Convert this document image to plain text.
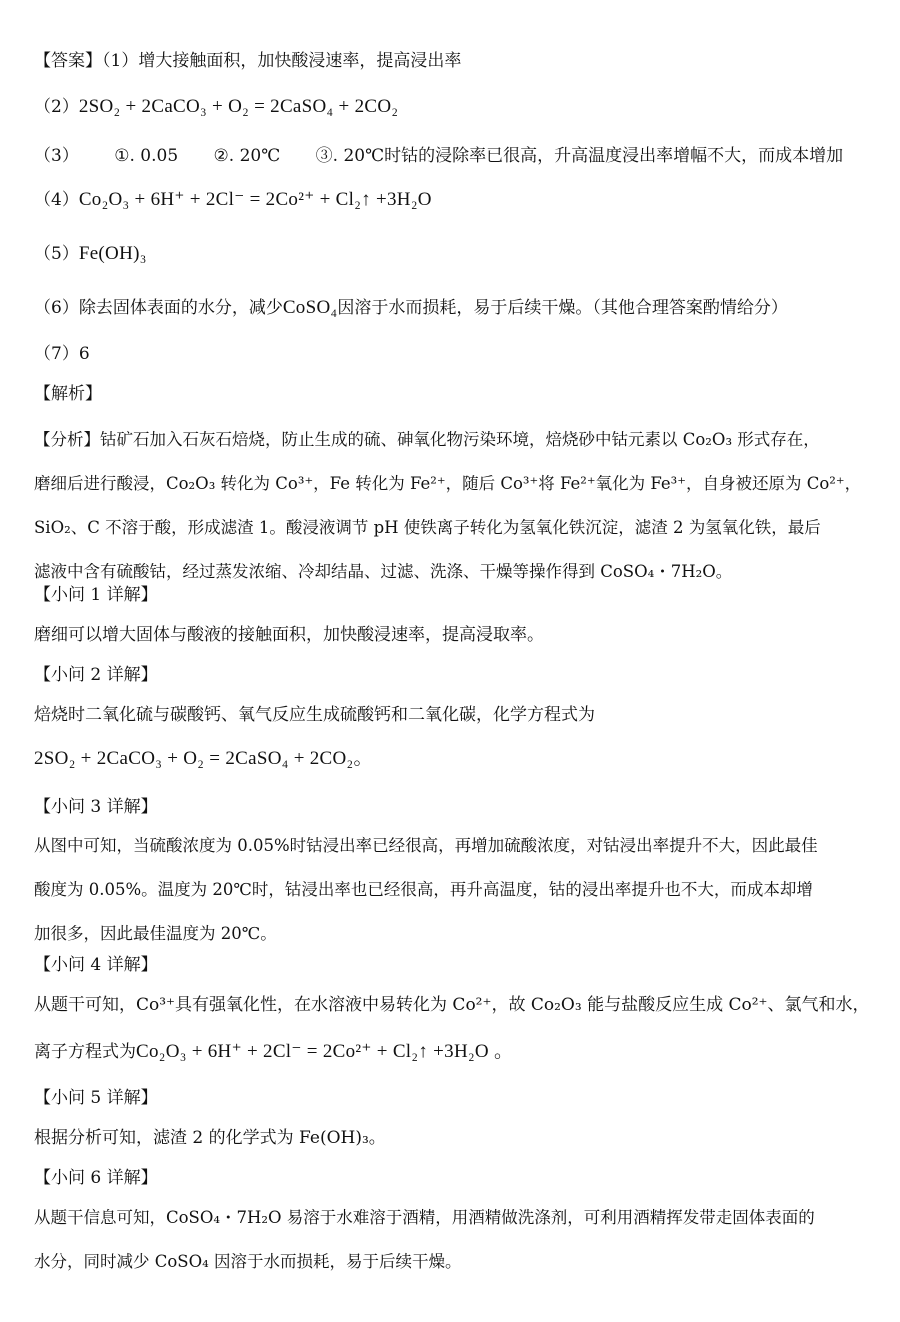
【答案】（1）增大接触面积，加快酸浸速率，提高浸出率
（2）2SO₂ + 2CaCO₃ + O₂ = 2CaSO₄ + 2CO₂
（3） ①. 0.05 ②. 20℃ ③. 20℃时钴的浸除率已很高，升高温度浸出率增幅不大，而成本增加
（4）Co₂O₃ + 6H⁺ + 2Cl⁻ = 2Co²⁺ + Cl₂↑ +3H₂O
（5）Fe(OH)₃
（6）除去固体表面的水分，减少CoSO₄因溶于水而损耗，易于后续干燥。（其他合理答案酌情给分）
（7）6
【解析】
【分析】钴矿石加入石灰石焙烧，防止生成的硫、砷氧化物污染环境，焙烧砂中钴元素以 Co₂O₃ 形式存在，
磨细后进行酸浸，Co₂O₃ 转化为 Co³⁺，Fe 转化为 Fe²⁺，随后 Co³⁺将 Fe²⁺氧化为 Fe³⁺，自身被还原为 Co²⁺，
SiO₂、C 不溶于酸，形成滤渣 1。酸浸液调节 pH 使铁离子转化为氢氧化铁沉淀，滤渣 2 为氢氧化铁，最后
滤液中含有硫酸钴，经过蒸发浓缩、冷却结晶、过滤、洗涤、干燥等操作得到 CoSO₄・7H₂O。
【小问 1 详解】
磨细可以增大固体与酸液的接触面积，加快酸浸速率，提高浸取率。
【小问 2 详解】
焙烧时二氧化硫与碳酸钙、氧气反应生成硫酸钙和二氧化碳，化学方程式为
2SO₂ + 2CaCO₃ + O₂ = 2CaSO₄ + 2CO₂。
【小问 3 详解】
从图中可知，当硫酸浓度为 0.05%时钴浸出率已经很高，再增加硫酸浓度，对钴浸出率提升不大，因此最佳
酸度为 0.05%。温度为 20℃时，钴浸出率也已经很高，再升高温度，钴的浸出率提升也不大，而成本却增
加很多，因此最佳温度为 20℃。
【小问 4 详解】
从题干可知，Co³⁺具有强氧化性，在水溶液中易转化为 Co²⁺，故 Co₂O₃ 能与盐酸反应生成 Co²⁺、氯气和水，
离子方程式为Co₂O₃ + 6H⁺ + 2Cl⁻ = 2Co²⁺ + Cl₂↑ +3H₂O 。
【小问 5 详解】
根据分析可知，滤渣 2 的化学式为 Fe(OH)₃。
【小问 6 详解】
从题干信息可知，CoSO₄・7H₂O 易溶于水难溶于酒精，用酒精做洗涤剂，可利用酒精挥发带走固体表面的
水分，同时减少 CoSO₄ 因溶于水而损耗，易于后续干燥。
